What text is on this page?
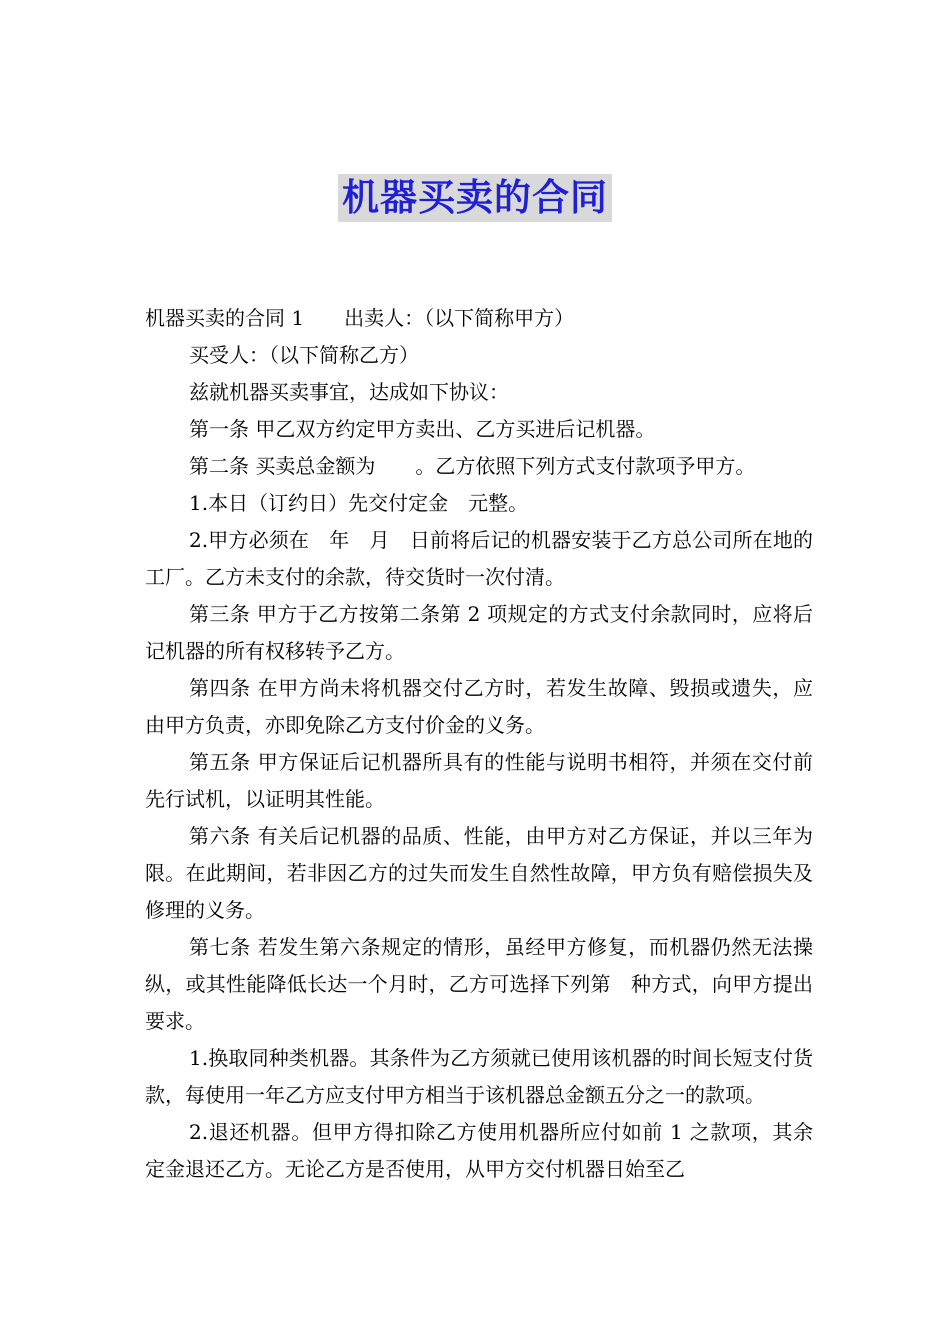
机器买卖的合同

机器买卖的合同 1 出卖人：（以下简称甲方）

买受人：（以下简称乙方）

兹就机器买卖事宜，达成如下协议：

第一条 甲乙双方约定甲方卖出、乙方买进后记机器。

第二条 买卖总金额为　　。乙方依照下列方式支付款项予甲方。

1.本日（订约日）先交付定金　元整。

2.甲方必须在　年　月　日前将后记的机器安装于乙方总公司所在地的工厂。乙方未支付的余款，待交货时一次付清。

第三条 甲方于乙方按第二条第 2 项规定的方式支付余款同时，应将后记机器的所有权移转予乙方。

第四条 在甲方尚未将机器交付乙方时，若发生故障、毁损或遗失，应由甲方负责，亦即免除乙方支付价金的义务。

第五条 甲方保证后记机器所具有的性能与说明书相符，并须在交付前先行试机，以证明其性能。

第六条 有关后记机器的品质、性能，由甲方对乙方保证，并以三年为限。在此期间，若非因乙方的过失而发生自然性故障，甲方负有赔偿损失及修理的义务。

第七条 若发生第六条规定的情形，虽经甲方修复，而机器仍然无法操纵，或其性能降低长达一个月时，乙方可选择下列第　种方式，向甲方提出要求。

1.换取同种类机器。其条件为乙方须就已使用该机器的时间长短支付货款，每使用一年乙方应支付甲方相当于该机器总金额五分之一的款项。

2.退还机器。但甲方得扣除乙方使用机器所应付如前 1 之款项，其余定金退还乙方。无论乙方是否使用，从甲方交付机器日始至乙
